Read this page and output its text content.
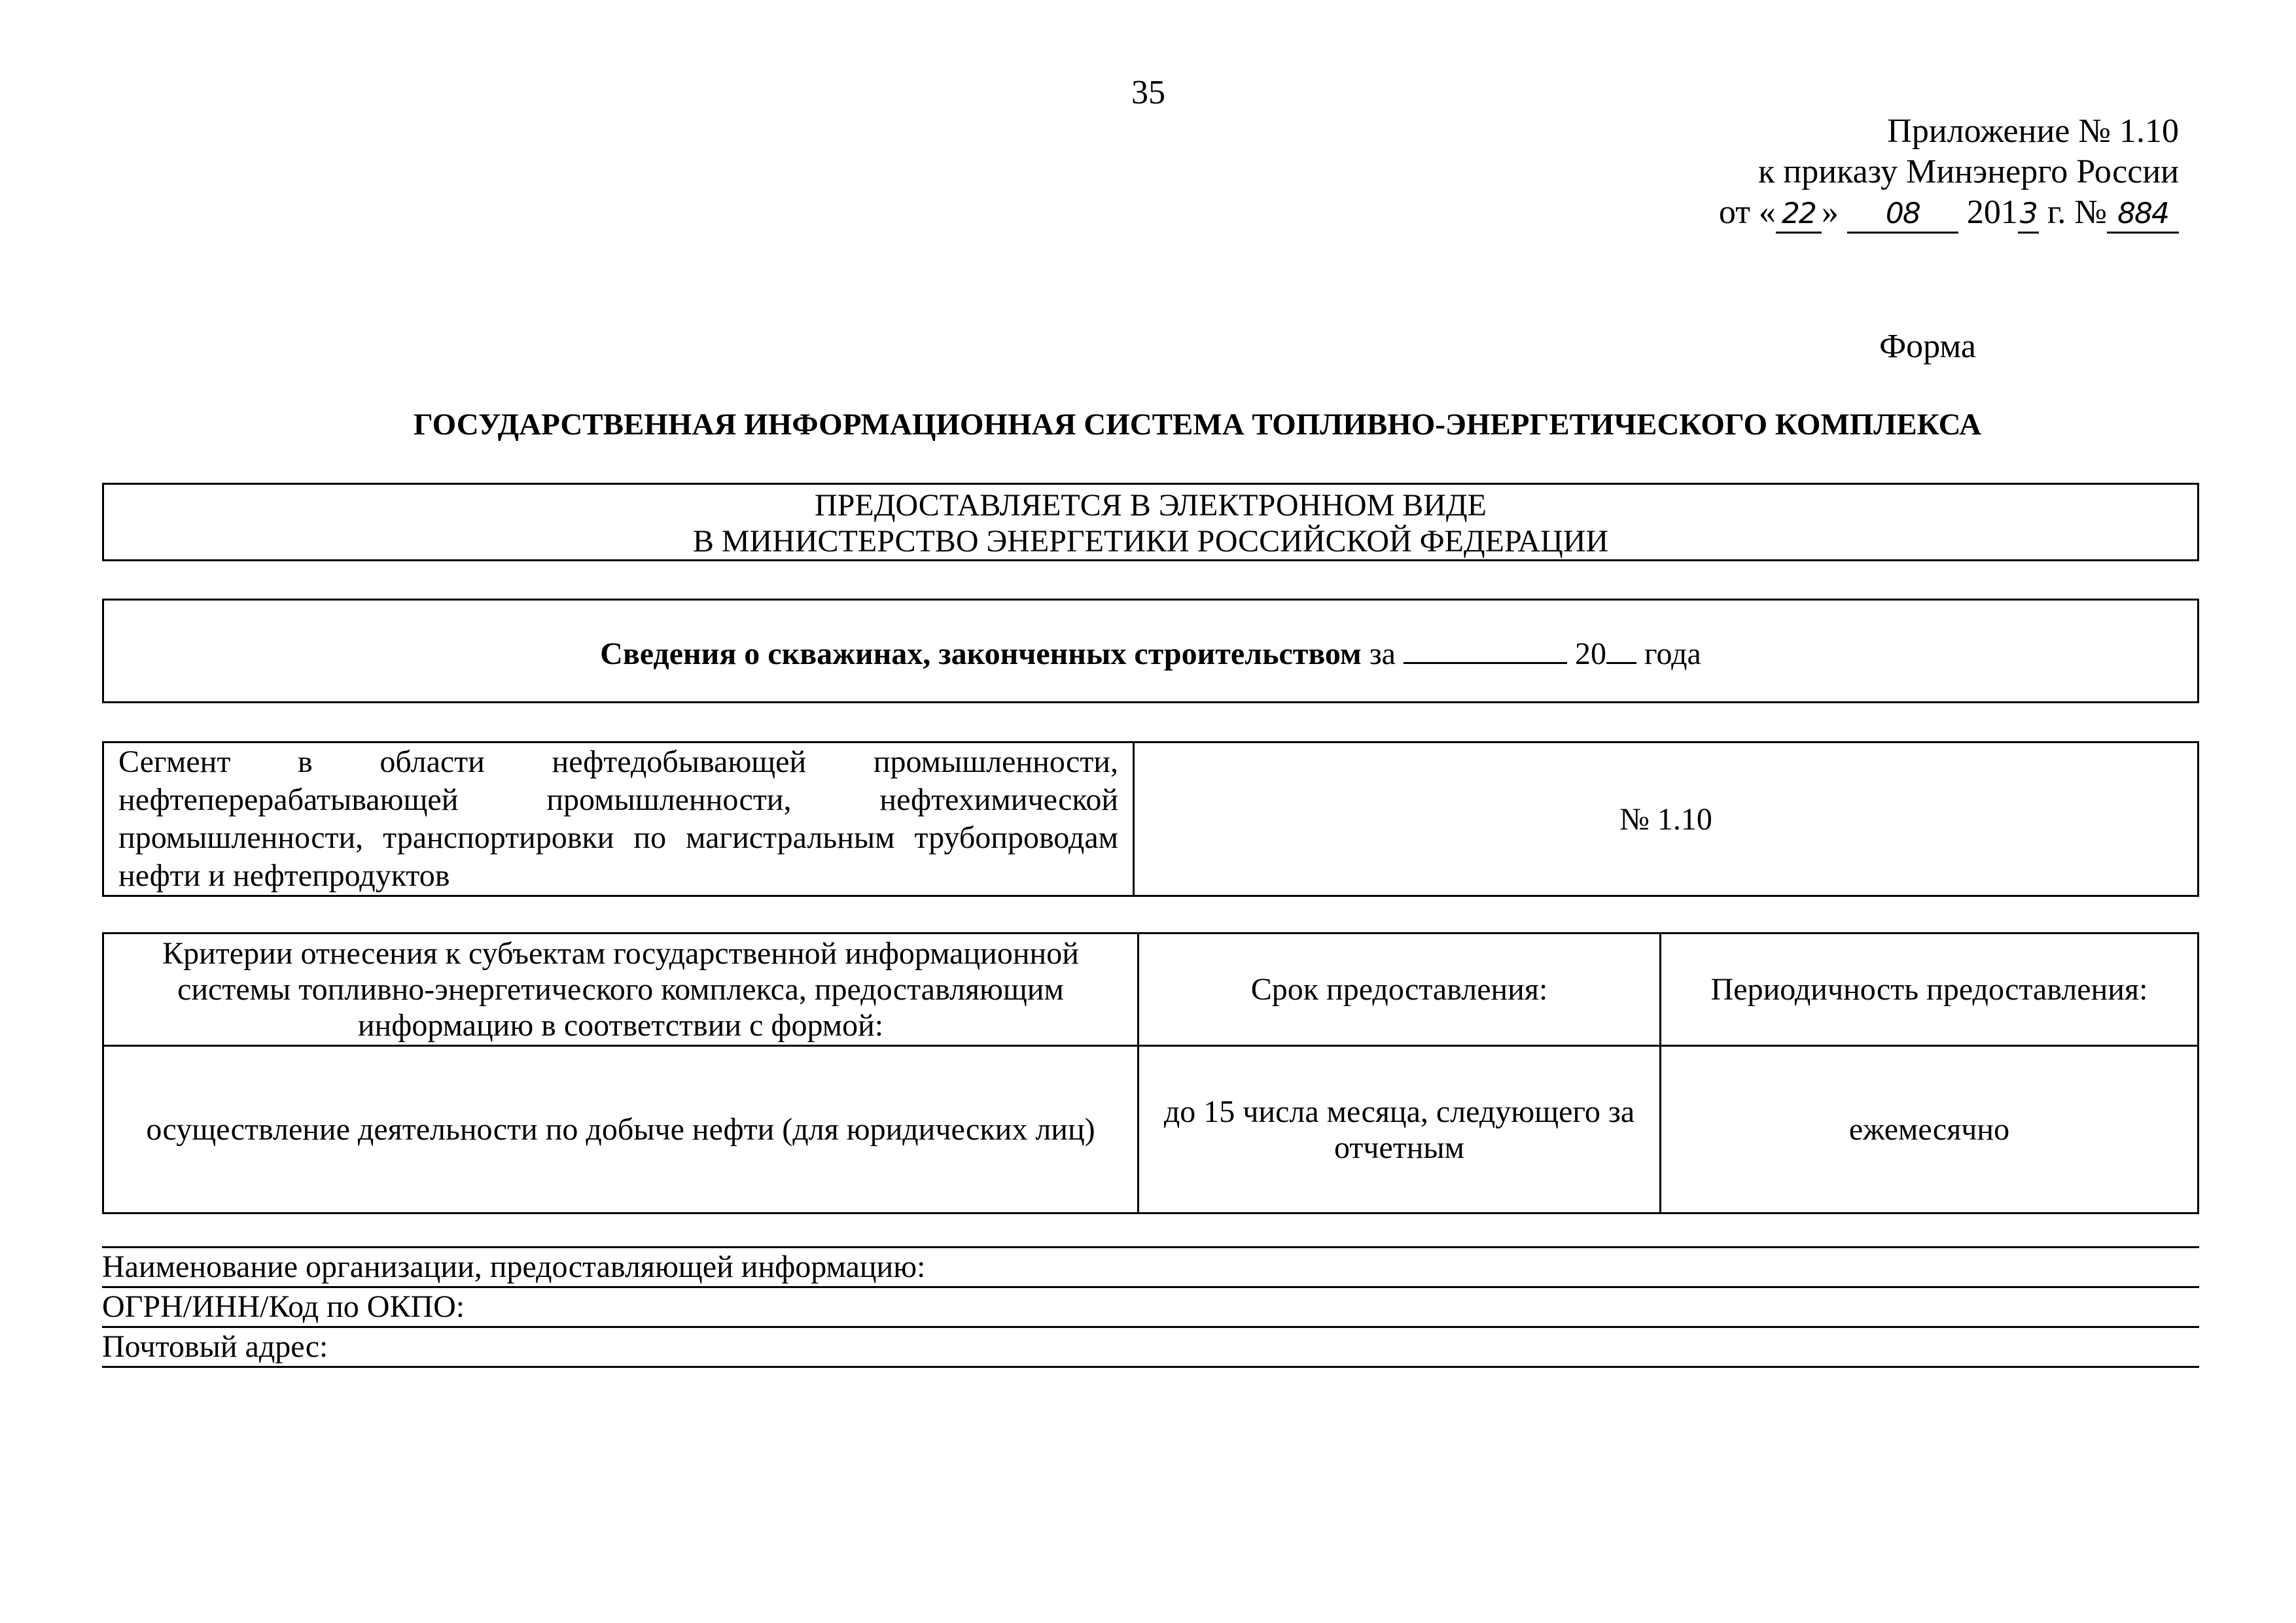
35
Приложение № 1.10
к приказу Минэнерго России
от « 22 » 08 2013 г. № 884
Форма
ГОСУДАРСТВЕННАЯ ИНФОРМАЦИОННАЯ СИСТЕМА ТОПЛИВНО-ЭНЕРГЕТИЧЕСКОГО КОМПЛЕКСА
ПРЕДОСТАВЛЯЕТСЯ В ЭЛЕКТРОННОМ ВИДЕ
В МИНИСТЕРСТВО ЭНЕРГЕТИКИ РОССИЙСКОЙ ФЕДЕРАЦИИ
Сведения о скважинах, законченных строительством за	20 года
Сегмент в области нефтедобывающей промышленности, нефтеперерабатывающей промышленности, нефтехимической промышленности, транспортировки по магистральным трубопроводам нефти и нефтепродуктов	№ 1.10
Критерии отнесения к субъектам государственной информационной системы топливно-энергетического комплекса, предоставляющим информацию в соответствии с формой:	Срок предоставления:	Периодичность предоставления:
осуществление деятельности по добыче нефти (для юридических лиц)	до 15 числа месяца, следующего за отчетным	ежемесячно
Наименование организации, предоставляющей информацию:
ОГРН/ИНН/Код по ОКПО:
Почтовый адрес:
